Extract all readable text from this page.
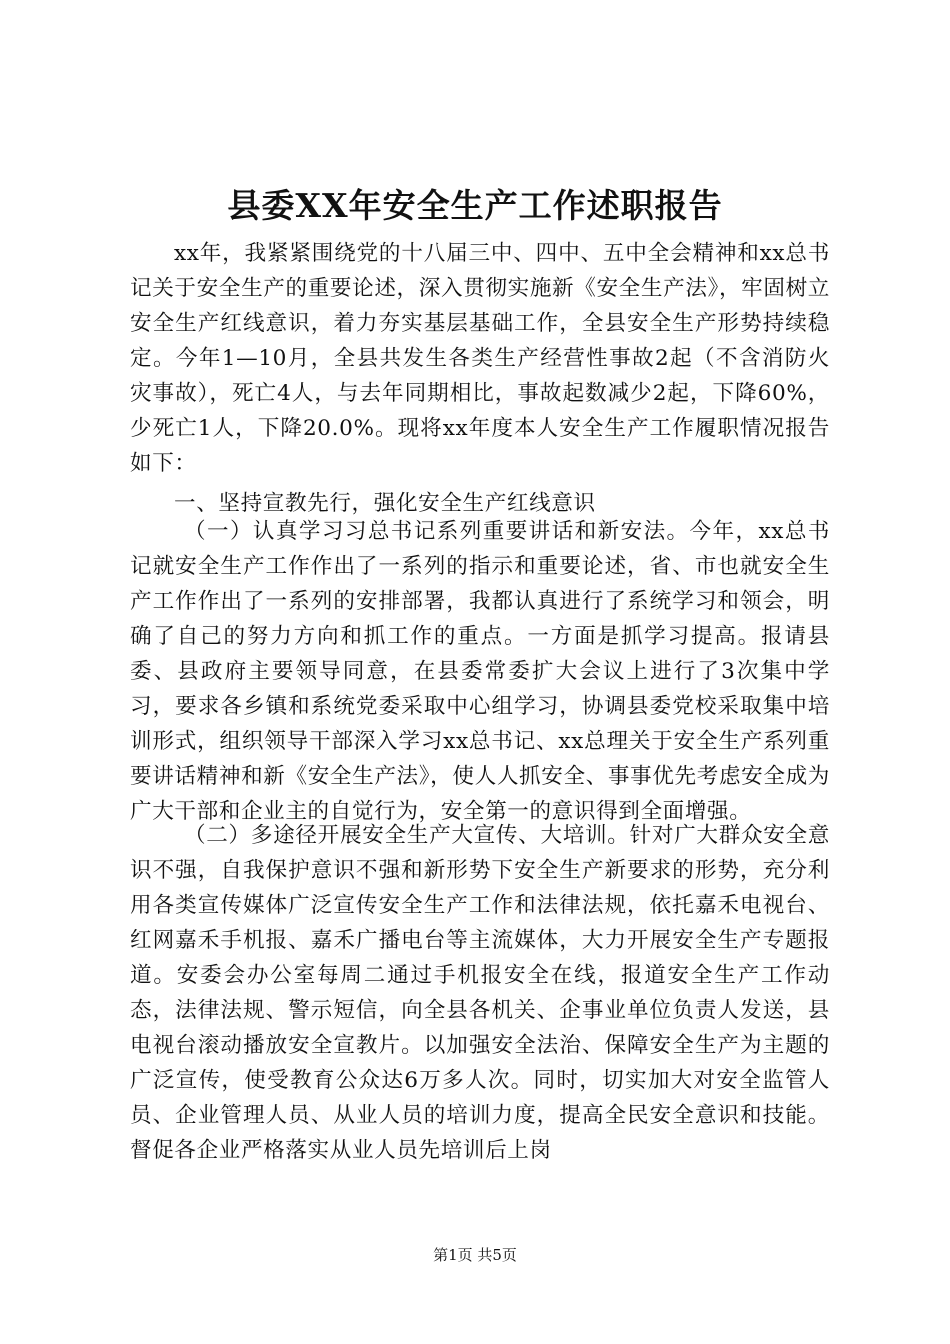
县委XX年安全生产工作述职报告

xx年，我紧紧围绕党的十八届三中、四中、五中全会精神和xx总书记关于安全生产的重要论述，深入贯彻实施新《安全生产法》，牢固树立安全生产红线意识，着力夯实基层基础工作，全县安全生产形势持续稳定。今年1—10月，全县共发生各类生产经营性事故2起（不含消防火灾事故），死亡4人，与去年同期相比，事故起数减少2起，下降60%，少死亡1人，下降20.0%。现将xx年度本人安全生产工作履职情况报告如下：

一、坚持宣教先行，强化安全生产红线意识

（一）认真学习习总书记系列重要讲话和新安法。今年，xx总书记就安全生产工作作出了一系列的指示和重要论述，省、市也就安全生产工作作出了一系列的安排部署，我都认真进行了系统学习和领会，明确了自己的努力方向和抓工作的重点。一方面是抓学习提高。报请县委、县政府主要领导同意，在县委常委扩大会议上进行了3次集中学习，要求各乡镇和系统党委采取中心组学习，协调县委党校采取集中培训形式，组织领导干部深入学习xx总书记、xx总理关于安全生产系列重要讲话精神和新《安全生产法》，使人人抓安全、事事优先考虑安全成为广大干部和企业主的自觉行为，安全第一的意识得到全面增强。

（二）多途径开展安全生产大宣传、大培训。针对广大群众安全意识不强，自我保护意识不强和新形势下安全生产新要求的形势，充分利用各类宣传媒体广泛宣传安全生产工作和法律法规，依托嘉禾电视台、红网嘉禾手机报、嘉禾广播电台等主流媒体，大力开展安全生产专题报道。安委会办公室每周二通过手机报安全在线，报道安全生产工作动态，法律法规、警示短信，向全县各机关、企事业单位负责人发送，县电视台滚动播放安全宣教片。以加强安全法治、保障安全生产为主题的广泛宣传，使受教育公众达6万多人次。同时，切实加大对安全监管人员、企业管理人员、从业人员的培训力度，提高全民安全意识和技能。督促各企业严格落实从业人员先培训后上岗

第1页 共5页
